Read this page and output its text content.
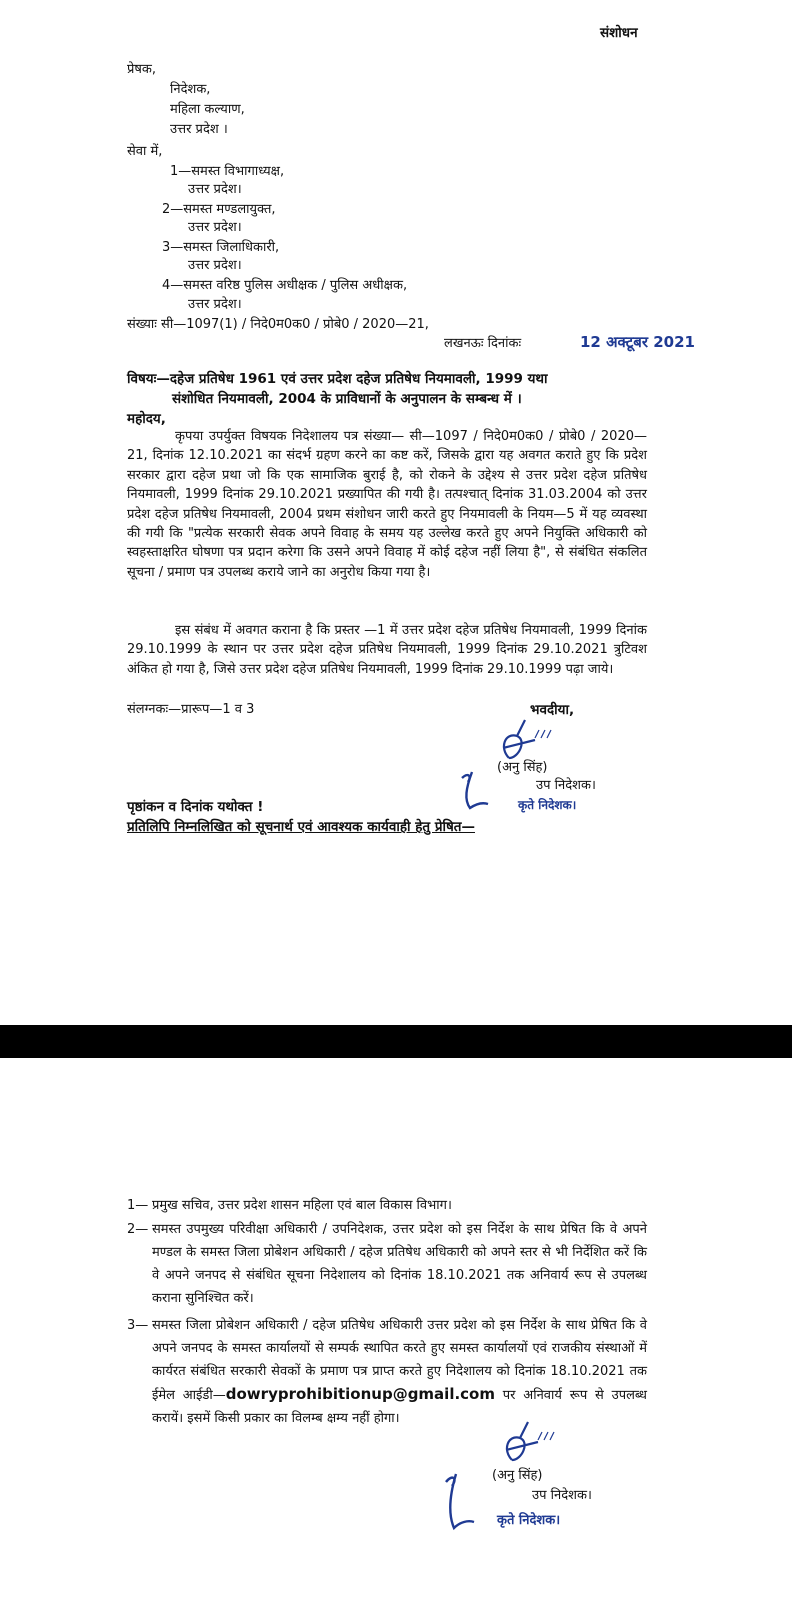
संशोधन
प्रेषक,
निदेशक,
महिला कल्याण,
उत्तर प्रदेश ।
सेवा में,
1—समस्त विभागाध्यक्ष,
उत्तर प्रदेश।
2—समस्त मण्डलायुक्त,
उत्तर प्रदेश।
3—समस्त जिलाधिकारी,
उत्तर प्रदेश।
4—समस्त वरिष्ठ पुलिस अधीक्षक / पुलिस अधीक्षक,
उत्तर प्रदेश।
संख्याः सी—1097(1) / निदे0म0क0 / प्रोबे0 / 2020—21,
लखनऊः दिनांकः	12 अक्टूबर 2021
विषयः—दहेज प्रतिषेध 1961 एवं उत्तर प्रदेश दहेज प्रतिषेध नियमावली, 1999 यथा
संशोधित नियमावली, 2004 के प्राविधानों के अनुपालन के सम्बन्ध में ।
महोदय,
कृपया उपर्युक्त विषयक निदेशालय पत्र संख्या— सी—1097 / निदे0म0क0 / प्रोबे0 / 2020—21, दिनांक 12.10.2021 का संदर्भ ग्रहण करने का कष्ट करें, जिसके द्वारा यह अवगत कराते हुए कि प्रदेश सरकार द्वारा दहेज प्रथा जो कि एक सामाजिक बुराई है, को रोकने के उद्देश्य से उत्तर प्रदेश दहेज प्रतिषेध नियमावली, 1999 दिनांक 29.10.2021 प्रख्यापित की गयी है। तत्पश्चात् दिनांक 31.03.2004 को उत्तर प्रदेश दहेज प्रतिषेध नियमावली, 2004 प्रथम संशोधन जारी करते हुए नियमावली के नियम—5 में यह व्यवस्था की गयी कि "प्रत्येक सरकारी सेवक अपने विवाह के समय यह उल्लेख करते हुए अपने नियुक्ति अधिकारी को स्वहस्ताक्षरित घोषणा पत्र प्रदान करेगा कि उसने अपने विवाह में कोई दहेज नहीं लिया है", से संबंधित संकलित सूचना / प्रमाण पत्र उपलब्ध कराये जाने का अनुरोध किया गया है।
इस संबंध में अवगत कराना है कि प्रस्तर —1 में उत्तर प्रदेश दहेज प्रतिषेध नियमावली, 1999 दिनांक 29.10.1999 के स्थान पर उत्तर प्रदेश दहेज प्रतिषेध नियमावली, 1999 दिनांक 29.10.2021 त्रुटिवश अंकित हो गया है, जिसे उत्तर प्रदेश दहेज प्रतिषेध नियमावली, 1999 दिनांक 29.10.1999 पढ़ा जाये।
संलग्नकः—प्रारूप—1 व 3	भवदीया,
(अनु सिंह)
उप निदेशक।
कृते निदेशक।
पृष्ठांकन व दिनांक यथोक्त !
प्रतिलिपि निम्नलिखित को सूचनार्थ एवं आवश्यक कार्यवाही हेतु प्रेषित—
1— प्रमुख सचिव, उत्तर प्रदेश शासन महिला एवं बाल विकास विभाग।
2— समस्त उपमुख्य परिवीक्षा अधिकारी / उपनिदेशक, उत्तर प्रदेश को इस निर्देश के साथ प्रेषित कि वे अपने मण्डल के समस्त जिला प्रोबेशन अधिकारी / दहेज प्रतिषेध अधिकारी को अपने स्तर से भी निर्देशित करें कि वे अपने जनपद से संबंधित सूचना निदेशालय को दिनांक 18.10.2021 तक अनिवार्य रूप से उपलब्ध कराना सुनिश्चित करें।
3— समस्त जिला प्रोबेशन अधिकारी / दहेज प्रतिषेध अधिकारी उत्तर प्रदेश को इस निर्देश के साथ प्रेषित कि वे अपने जनपद के समस्त कार्यालयों से सम्पर्क स्थापित करते हुए समस्त कार्यालयों एवं राजकीय संस्थाओं में कार्यरत संबंधित सरकारी सेवकों के प्रमाण पत्र प्राप्त करते हुए निदेशालय को दिनांक 18.10.2021 तक ईमेल आईडी—dowryprohibitionup@gmail.com पर अनिवार्य रूप से उपलब्ध करायें। इसमें किसी प्रकार का विलम्ब क्षम्य नहीं होगा।
(अनु सिंह)
उप निदेशक।
कृते निदेशक।
